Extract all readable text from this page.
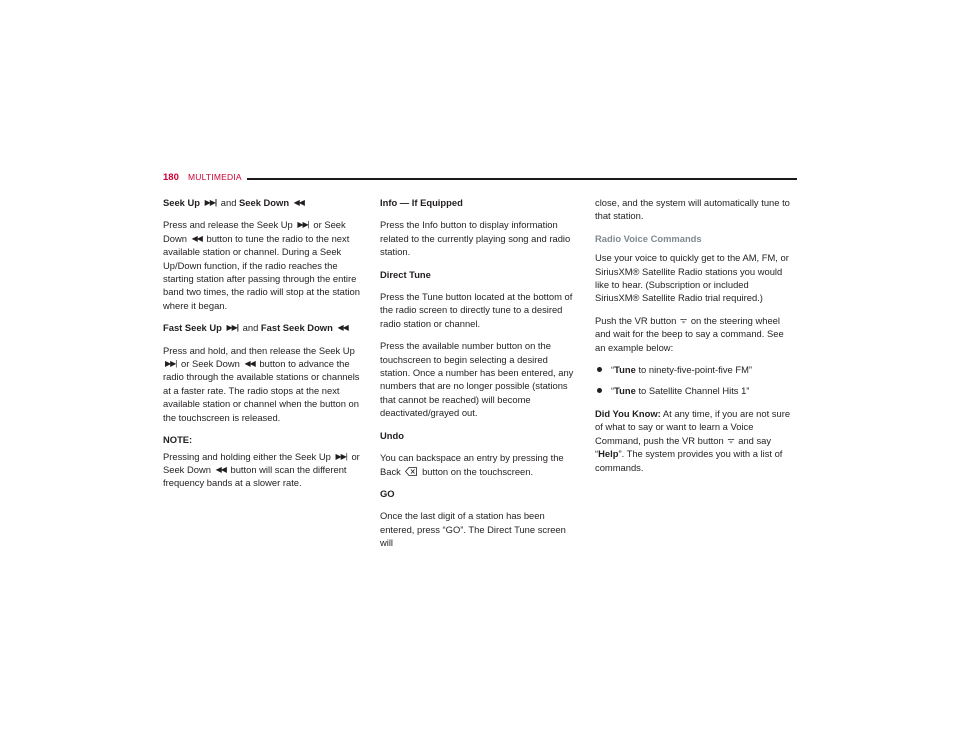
180 MULTIMEDIA

Seek Up ▶▶| and Seek Down ◀◀

Press and release the Seek Up ▶▶| or Seek Down ◀◀ button to tune the radio to the next available station or channel. During a Seek Up/Down function, if the radio reaches the starting station after passing through the entire band two times, the radio will stop at the station where it began.

Fast Seek Up ▶▶| and Fast Seek Down ◀◀

Press and hold, and then release the Seek Up ▶▶| or Seek Down ◀◀ button to advance the radio through the available stations or channels at a faster rate. The radio stops at the next available station or channel when the button on the touchscreen is released.

NOTE:

Pressing and holding either the Seek Up ▶▶| or Seek Down ◀◀ button will scan the different frequency bands at a slower rate.

Info — If Equipped

Press the Info button to display information related to the currently playing song and radio station.

Direct Tune

Press the Tune button located at the bottom of the radio screen to directly tune to a desired radio station or channel.

Press the available number button on the touchscreen to begin selecting a desired station. Once a number has been entered, any numbers that are no longer possible (stations that cannot be reached) will become deactivated/grayed out.

Undo

You can backspace an entry by pressing the Back button on the touchscreen.

GO

Once the last digit of a station has been entered, press “GO”. The Direct Tune screen will

close, and the system will automatically tune to that station.

Radio Voice Commands

Use your voice to quickly get to the AM, FM, or SiriusXM® Satellite Radio stations you would like to hear. (Subscription or included SiriusXM® Satellite Radio trial required.)

Push the VR button ᯤ on the steering wheel and wait for the beep to say a command. See an example below:

“Tune to ninety-five-point-five FM”
“Tune to Satellite Channel Hits 1”

Did You Know: At any time, if you are not sure of what to say or want to learn a Voice Command, push the VR button ᯤ and say “Help”. The system provides you with a list of commands.
